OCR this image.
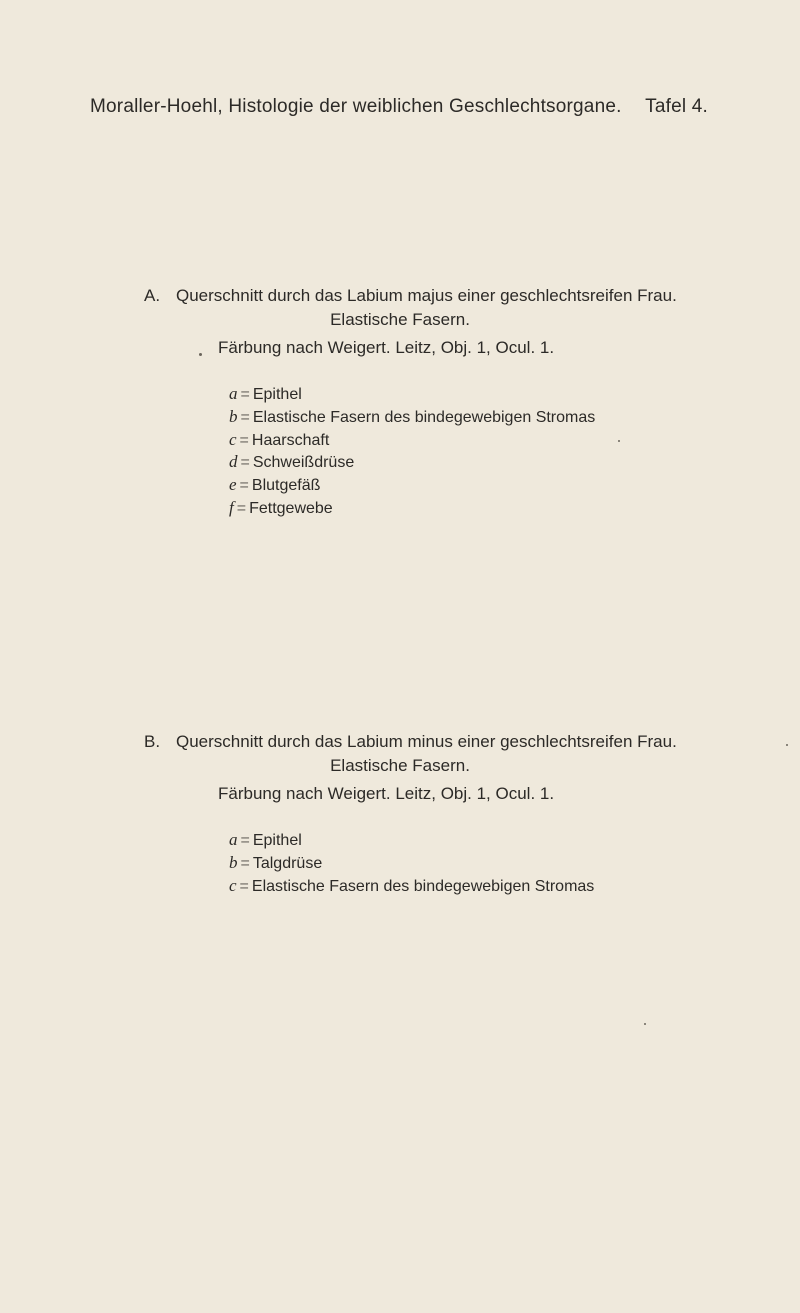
Moraller-Hoehl, Histologie der weiblichen Geschlechtsorgane. Tafel 4.
A. Querschnitt durch das Labium majus einer geschlechtsreifen Frau.
Elastische Fasern.
Färbung nach Weigert. Leitz, Obj. 1, Ocul. 1.
a = Epithel
b = Elastische Fasern des bindegewebigen Stromas
c = Haarschaft
d = Schweißdrüse
e = Blutgefäß
f = Fettgewebe
B. Querschnitt durch das Labium minus einer geschlechtsreifen Frau.
Elastische Fasern.
Färbung nach Weigert. Leitz, Obj. 1, Ocul. 1.
a = Epithel
b = Talgdrüse
c = Elastische Fasern des bindegewebigen Stromas
